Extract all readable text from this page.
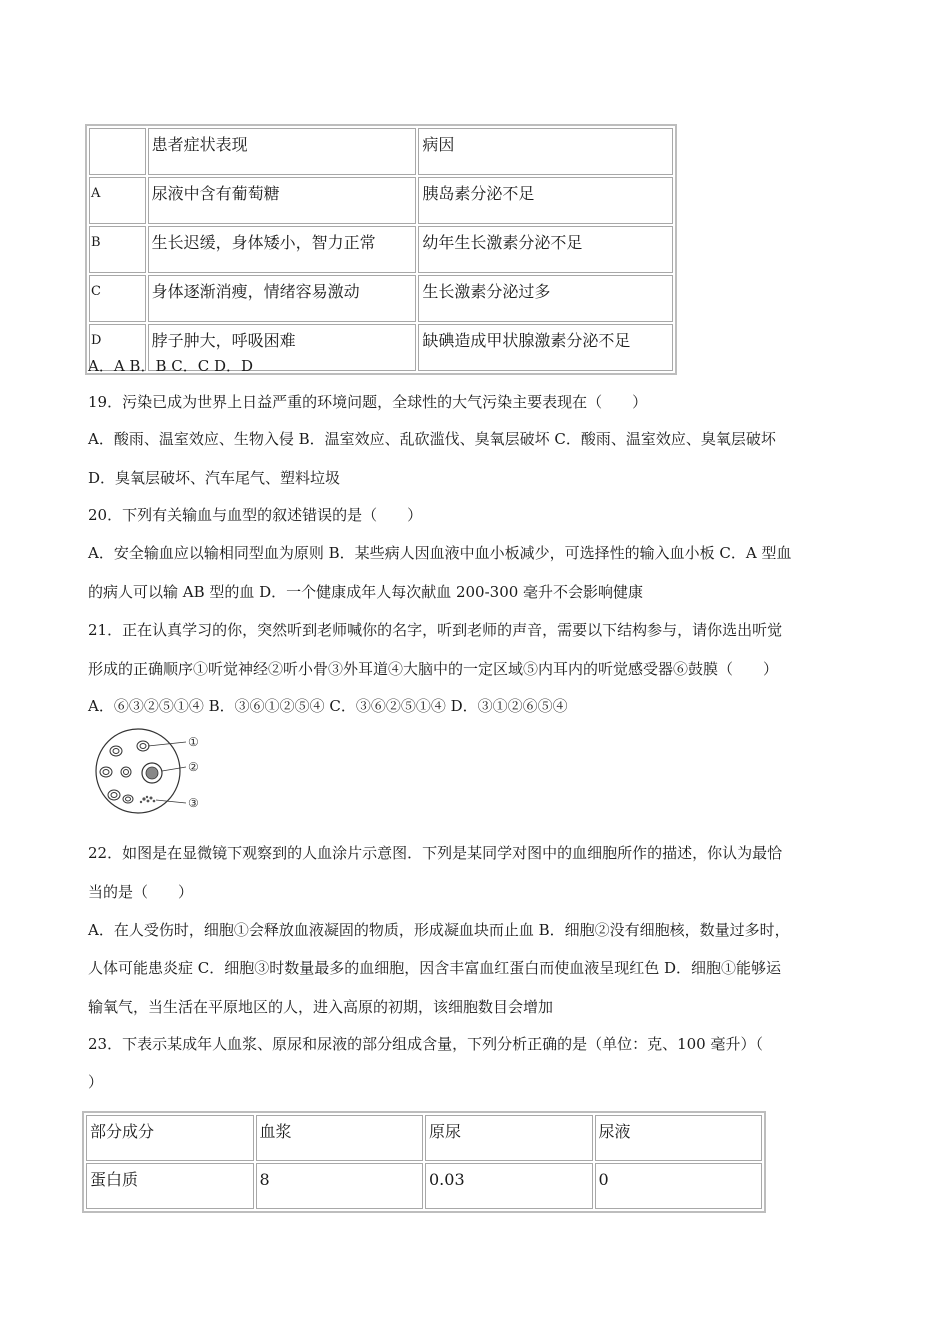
	患者症状表现	病因
A	尿液中含有葡萄糖	胰岛素分泌不足
B	生长迟缓，身体矮小，智力正常	幼年生长激素分泌不足
C	身体逐渐消瘦，情绪容易激动	生长激素分泌过多
D	脖子肿大，呼吸困难	缺碘造成甲状腺激素分泌不足
A．A B．B C．C D．D
19．污染已成为世界上日益严重的环境问题，全球性的大气污染主要表现在（　　）
A．酸雨、温室效应、生物入侵 B．温室效应、乱砍滥伐、臭氧层破坏 C．酸雨、温室效应、臭氧层破坏
D．臭氧层破坏、汽车尾气、塑料垃圾
20．下列有关输血与血型的叙述错误的是（　　）
A．安全输血应以输相同型血为原则 B．某些病人因血液中血小板减少，可选择性的输入血小板 C．A 型血
的病人可以输 AB 型的血 D．一个健康成年人每次献血 200-300 毫升不会影响健康
21．正在认真学习的你，突然听到老师喊你的名字，听到老师的声音，需要以下结构参与，请你选出听觉
形成的正确顺序①听觉神经②听小骨③外耳道④大脑中的一定区域⑤内耳内的听觉感受器⑥鼓膜（　　）
A．⑥③②⑤①④ B．③⑥①②⑤④ C．③⑥②⑤①④ D．③①②⑥⑤④
①
②
③
22．如图是在显微镜下观察到的人血涂片示意图．下列是某同学对图中的血细胞所作的描述，你认为最恰
当的是（　　）
A．在人受伤时，细胞①会释放血液凝固的物质，形成凝血块而止血 B．细胞②没有细胞核，数量过多时，
人体可能患炎症 C．细胞③时数量最多的血细胞，因含丰富血红蛋白而使血液呈现红色 D．细胞①能够运
输氧气，当生活在平原地区的人，进入高原的初期，该细胞数目会增加
23．下表示某成年人血浆、原尿和尿液的部分组成含量，下列分析正确的是（单位：克、100 毫升）（
）
部分成分	血浆	原尿	尿液
蛋白质	8	0.03	0
